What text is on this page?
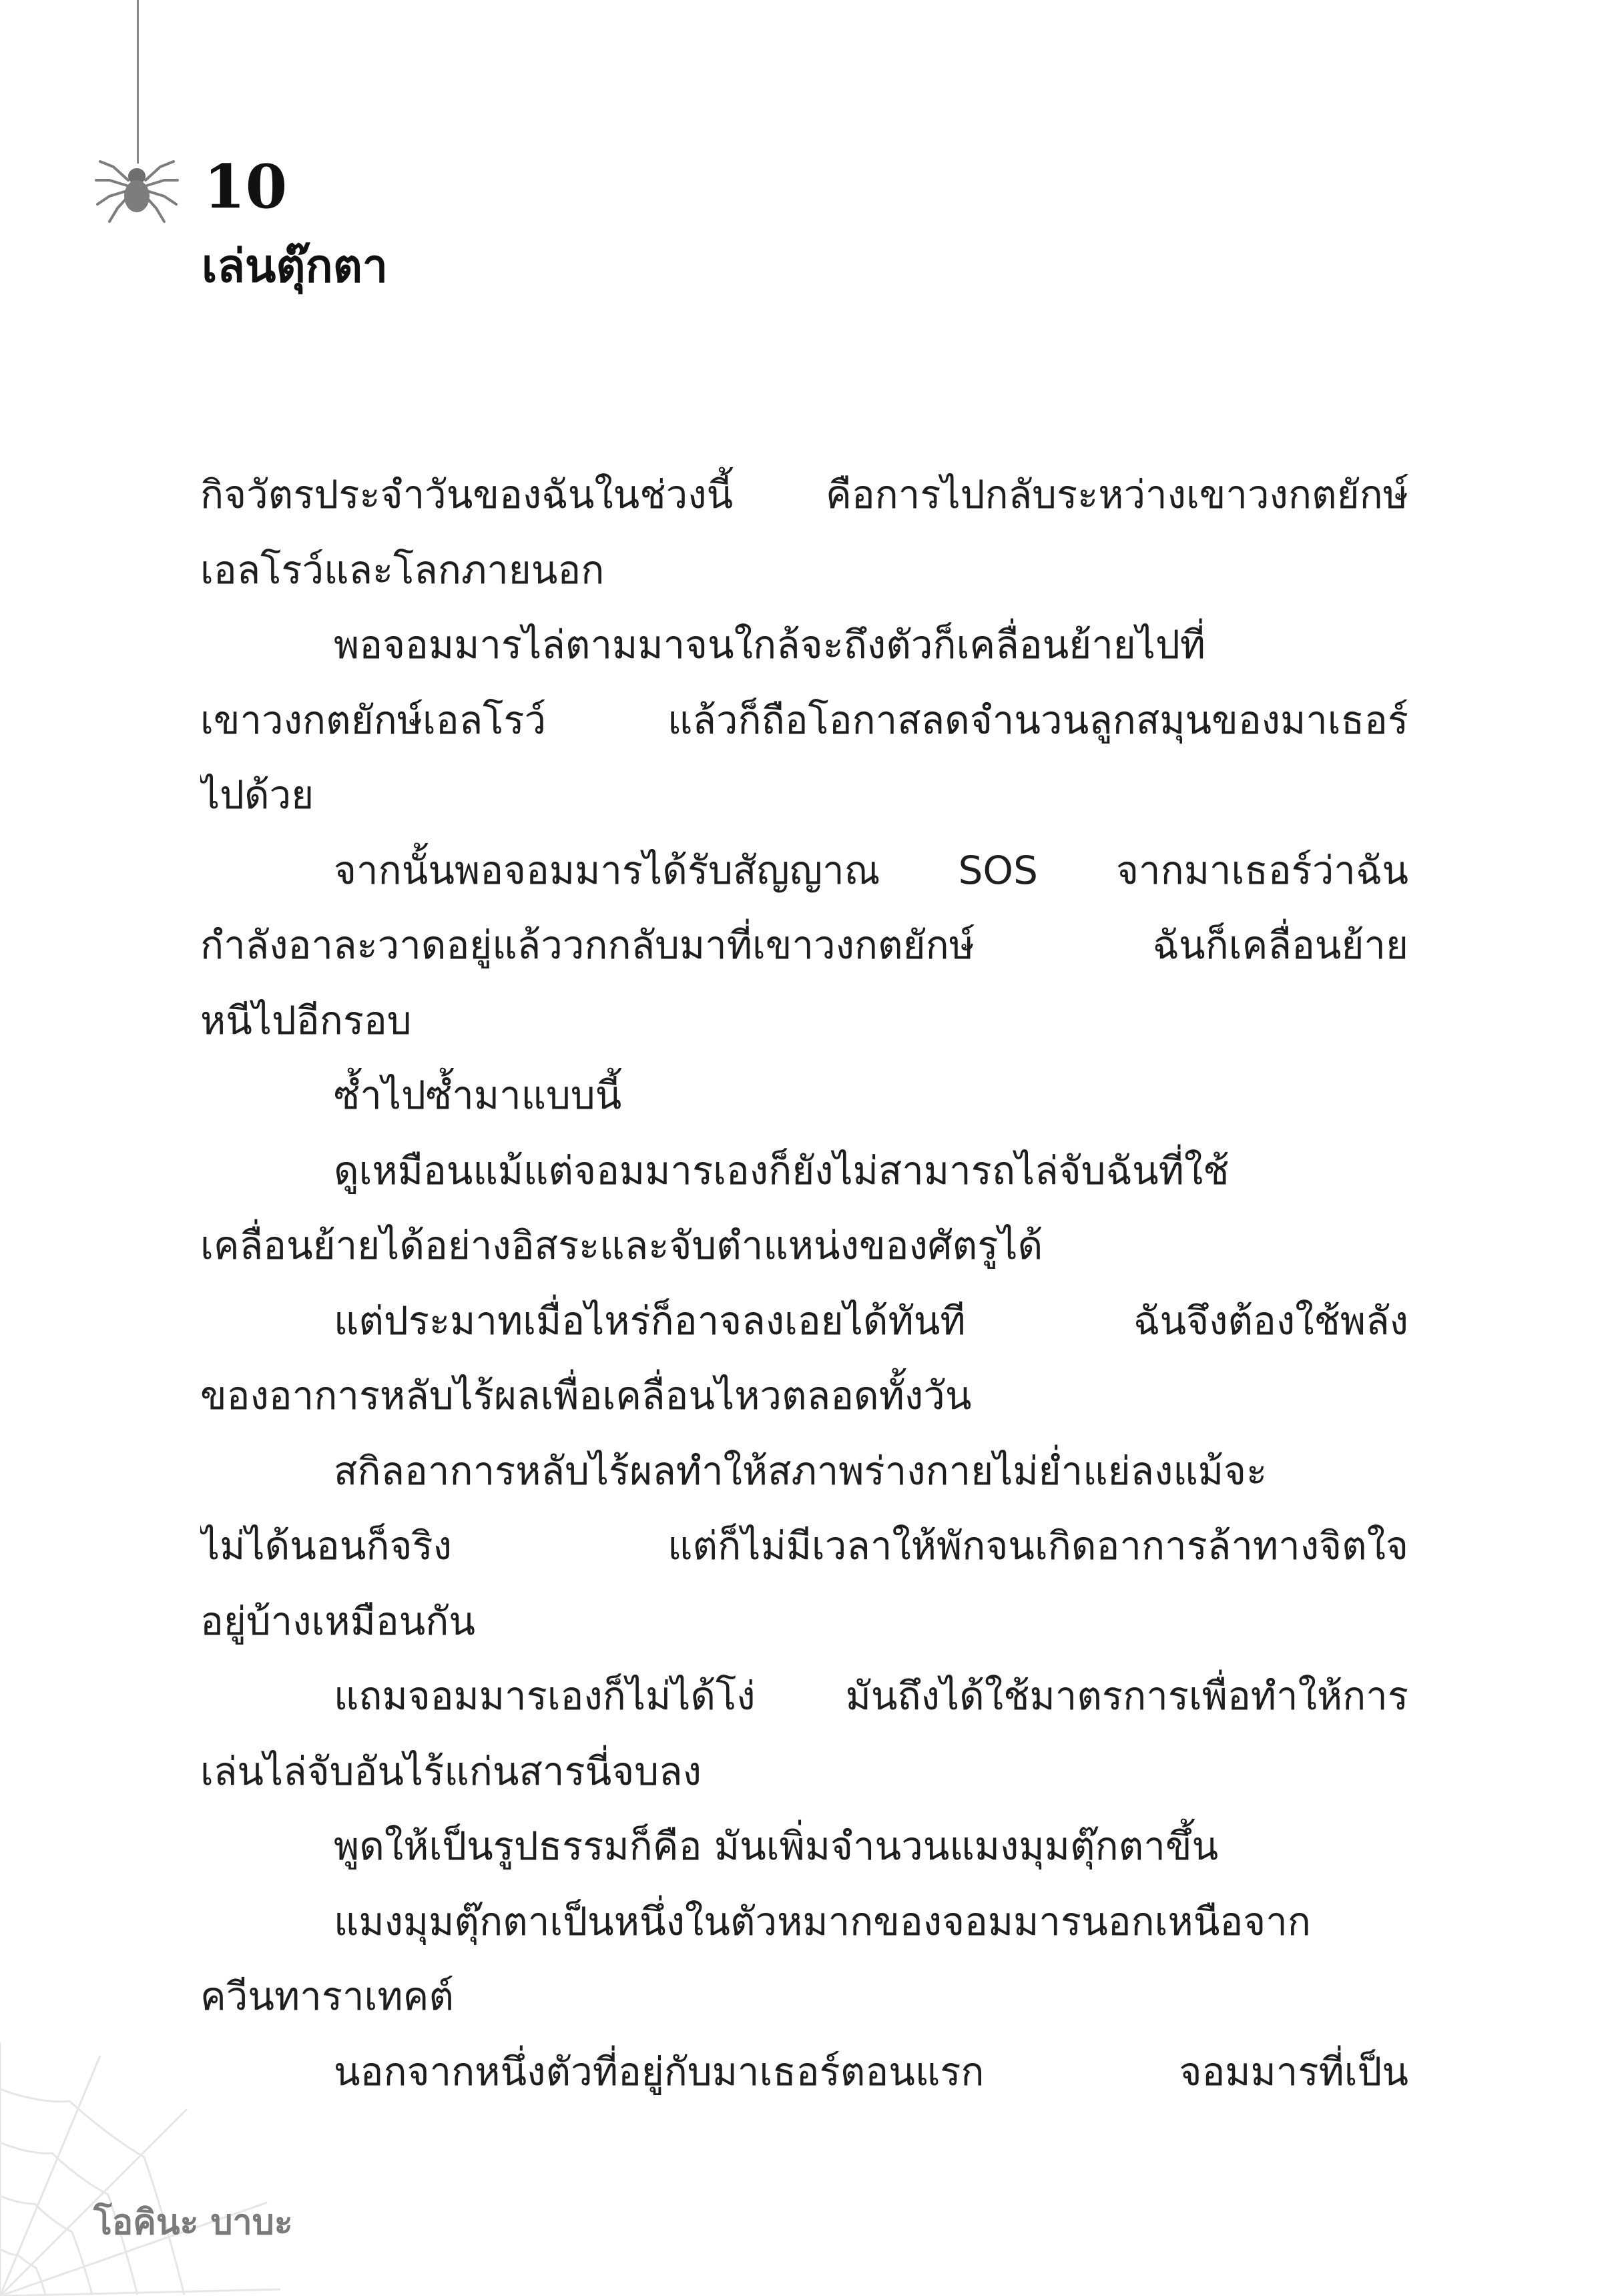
10
เล่นตุ๊กตา
กิจวัตรประจำวันของฉันในช่วงนี้ คือการไปกลับระหว่างเขาวงกตยักษ์
เอลโรว์และโลกภายนอก
พอจอมมารไล่ตามมาจนใกล้จะถึงตัวก็เคลื่อนย้ายไปที่
เขาวงกตยักษ์เอลโรว์ แล้วก็ถือโอกาสลดจำนวนลูกสมุนของมาเธอร์
ไปด้วย
จากนั้นพอจอมมารได้รับสัญญาณ SOS จากมาเธอร์ว่าฉัน
กำลังอาละวาดอยู่แล้ววกกลับมาที่เขาวงกตยักษ์ ฉันก็เคลื่อนย้าย
หนีไปอีกรอบ
ซ้ำไปซ้ำมาแบบนี้
ดูเหมือนแม้แต่จอมมารเองก็ยังไม่สามารถไล่จับฉันที่ใช้
เคลื่อนย้ายได้อย่างอิสระและจับตำแหน่งของศัตรูได้
แต่ประมาทเมื่อไหร่ก็อาจลงเอยได้ทันที ฉันจึงต้องใช้พลัง
ของอาการหลับไร้ผลเพื่อเคลื่อนไหวตลอดทั้งวัน
สกิลอาการหลับไร้ผลทำให้สภาพร่างกายไม่ย่ำแย่ลงแม้จะ
ไม่ได้นอนก็จริง แต่ก็ไม่มีเวลาให้พักจนเกิดอาการล้าทางจิตใจ
อยู่บ้างเหมือนกัน
แถมจอมมารเองก็ไม่ได้โง่ มันถึงได้ใช้มาตรการเพื่อทำให้การ
เล่นไล่จับอันไร้แก่นสารนี่จบลง
พูดให้เป็นรูปธรรมก็คือ มันเพิ่มจำนวนแมงมุมตุ๊กตาขึ้น
แมงมุมตุ๊กตาเป็นหนึ่งในตัวหมากของจอมมารนอกเหนือจาก
ควีนทาราเทคต์
นอกจากหนึ่งตัวที่อยู่กับมาเธอร์ตอนแรก จอมมารที่เป็น
โอคินะ บาบะ
